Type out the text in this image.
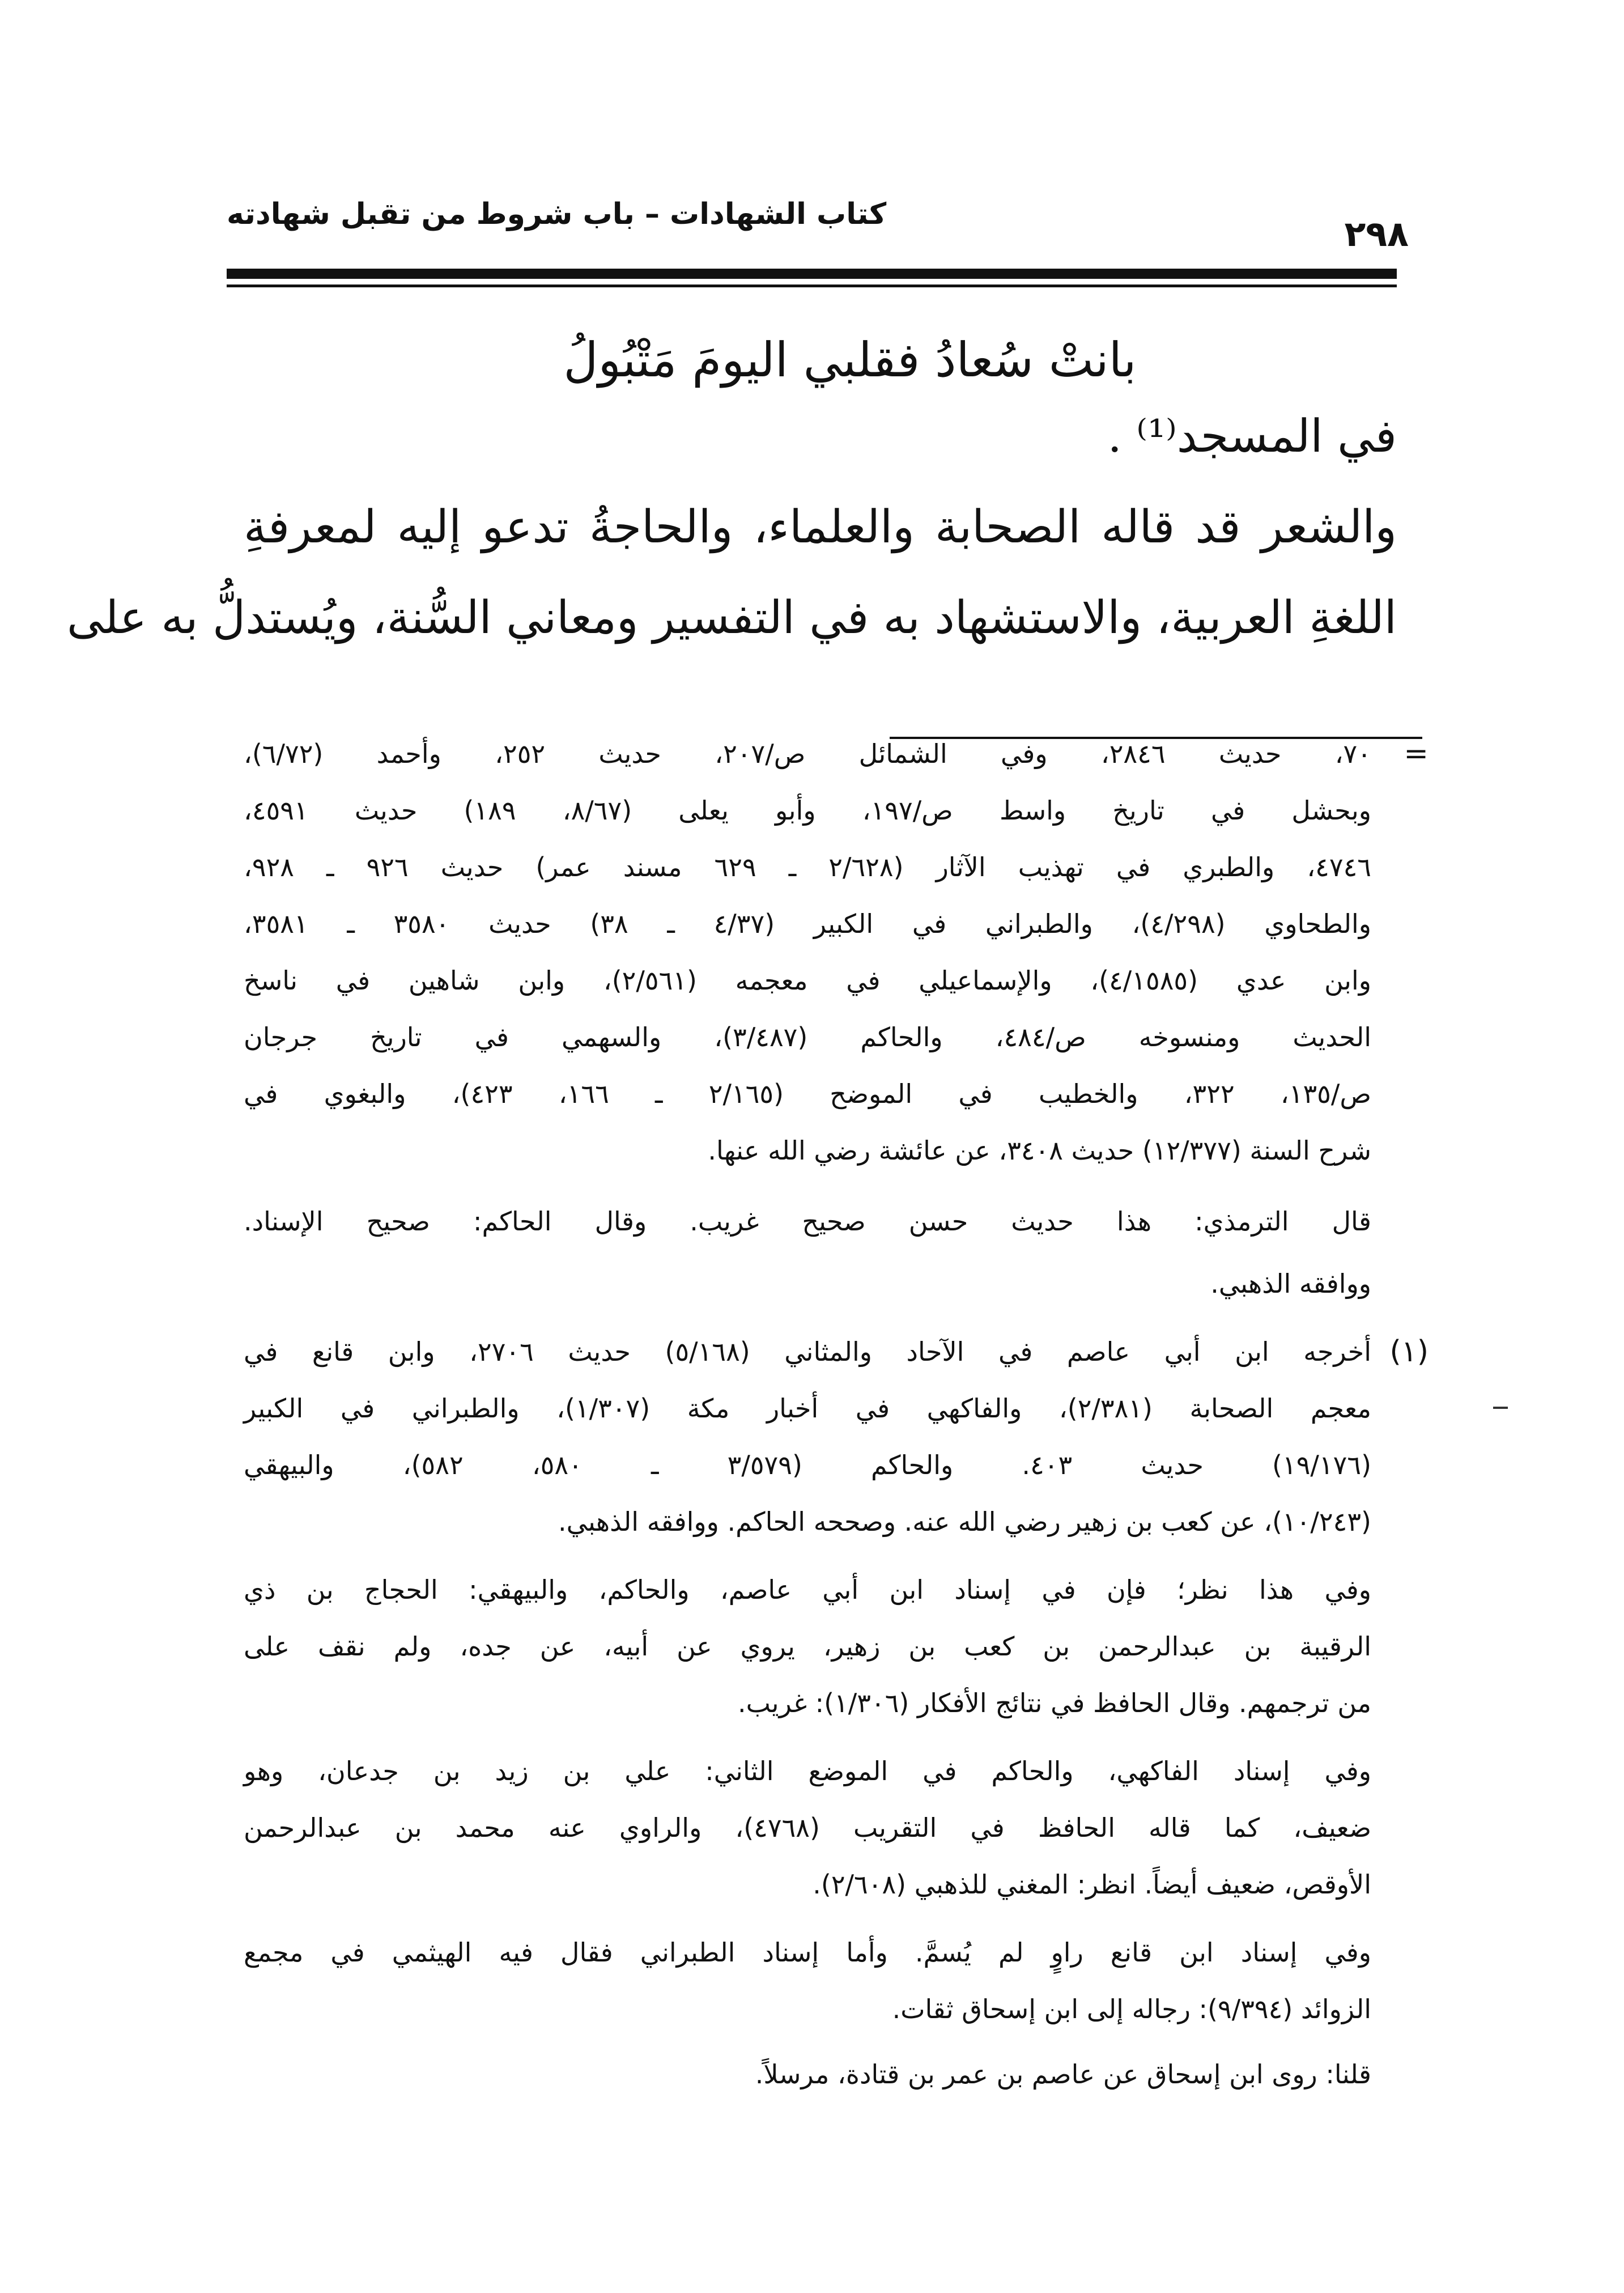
كتاب الشهادات – باب شروط من تقبل شهادته	٢٩٨
بانتْ سُعادُ فقلبي اليومَ مَتْبُولُ
في المسجد⁽¹⁾ .
والشعر قد قاله الصحابة والعلماء، والحاجةُ تدعو إليه لمعرفةِ
اللغةِ العربية، والاستشهاد به في التفسير ومعاني السُّنة، ويُستدلُّ به على
=
٧٠، حديث ٢٨٤٦، وفي الشمائل ص/٢٠٧، حديث ٢٥٢، وأحمد (٦/٧٢)،
وبحشل في تاريخ واسط ص/١٩٧، وأبو يعلى (٨/٦٧، ١٨٩) حديث ٤٥٩١،
٤٧٤٦، والطبري في تهذيب الآثار (٢/٦٢٨ ـ ٦٢٩ مسند عمر) حديث ٩٢٦ ـ ٩٢٨،
والطحاوي (٤/٢٩٨)، والطبراني في الكبير (٤/٣٧ ـ ٣٨) حديث ٣٥٨٠ ـ ٣٥٨١،
وابن عدي (٤/١٥٨٥)، والإسماعيلي في معجمه (٢/٥٦١)، وابن شاهين في ناسخ
الحديث ومنسوخه ص/٤٨٤، والحاكم (٣/٤٨٧)، والسهمي في تاريخ جرجان
ص/١٣٥، ٣٢٢، والخطيب في الموضح (٢/١٦٥ ـ ١٦٦، ٤٢٣)، والبغوي في
شرح السنة (١٢/٣٧٧) حديث ٣٤٠٨، عن عائشة رضي الله عنها.
قال الترمذي: هذا حديث حسن صحيح غريب. وقال الحاكم: صحيح الإسناد.
ووافقه الذهبي.
(١)
أخرجه ابن أبي عاصم في الآحاد والمثاني (٥/١٦٨) حديث ٢٧٠٦، وابن قانع في
معجم الصحابة (٢/٣٨١)، والفاكهي في أخبار مكة (١/٣٠٧)، والطبراني في الكبير
(١٩/١٧٦) حديث ٤٠٣. والحاكم (٣/٥٧٩ ـ ٥٨٠، ٥٨٢)، والبيهقي
(١٠/٢٤٣)، عن كعب بن زهير رضي الله عنه. وصححه الحاكم. ووافقه الذهبي.
وفي هذا نظر؛ فإن في إسناد ابن أبي عاصم، والحاكم، والبيهقي: الحجاج بن ذي
الرقيبة بن عبدالرحمن بن كعب بن زهير، يروي عن أبيه، عن جده، ولم نقف على
من ترجمهم. وقال الحافظ في نتائج الأفكار (١/٣٠٦): غريب.
وفي إسناد الفاكهي، والحاكم في الموضع الثاني: علي بن زيد بن جدعان، وهو
ضعيف، كما قاله الحافظ في التقريب (٤٧٦٨)، والراوي عنه محمد بن عبدالرحمن
الأوقص، ضعيف أيضاً. انظر: المغني للذهبي (٢/٦٠٨).
وفي إسناد ابن قانع راوٍ لم يُسمَّ. وأما إسناد الطبراني فقال فيه الهيثمي في مجمع
الزوائد (٩/٣٩٤): رجاله إلى ابن إسحاق ثقات.
قلنا: روى ابن إسحاق عن عاصم بن عمر بن قتادة، مرسلاً.
